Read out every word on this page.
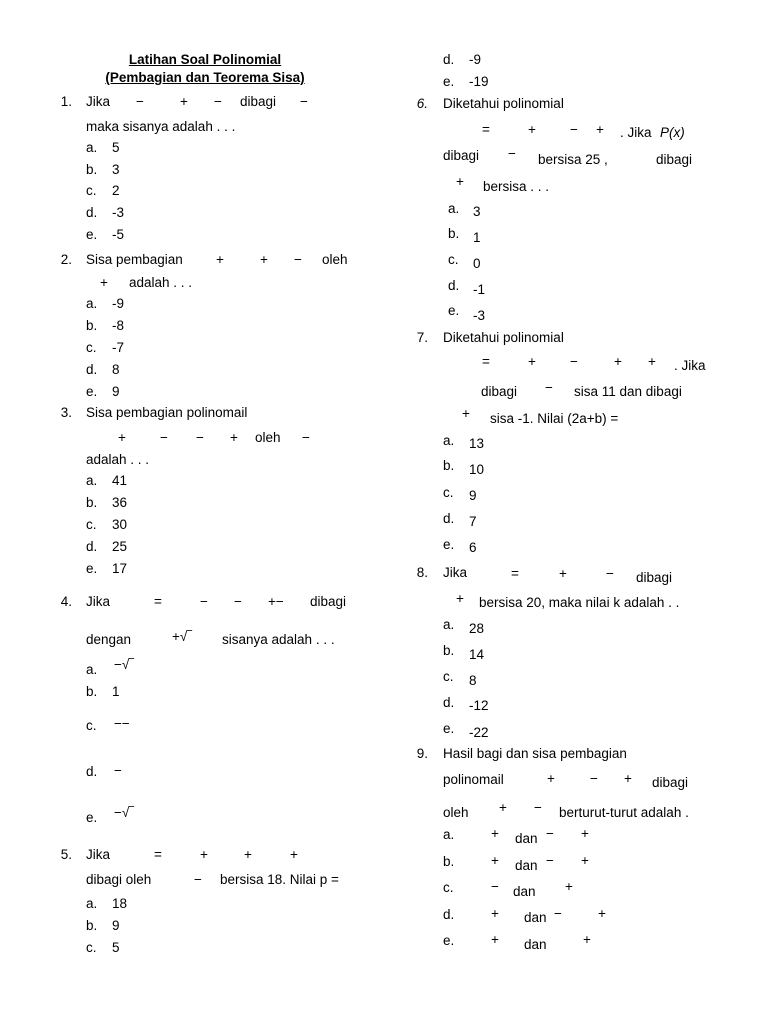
Latihan Soal Polinomial
(Pembagian dan Teorema Sisa)
1. Jika −	+ − dibagi −
maka sisanya adalah . . .
a. 5
b. 3
c. 2
d. -3
e. -5
2. Sisa pembagian +	+ − oleh
+ adalah . . .
a. -9
b. -8
c. -7
d. 8
e. 9
3. Sisa pembagian polinomail
+	− − + oleh −
adalah . . .
a. 41
b. 36
c. 30
d. 25
e. 17
4. Jika	=	− − +− dibagi
dengan	+√‾ sisanya adalah . . .
a. −√‾
b. 1
c. −−
d. −
e. −√‾
5. Jika	=	+	+	+
dibagi oleh	− bersisa 18. Nilai p =
a. 18
b. 9
c. 5
d. -9
e. -19
6. Diketahui polinomial
=	+	− + . Jika P(x)
dibagi − bersisa 25 ,	dibagi
+ bersisa . . .
a. 3
b. 1
c. 0
d. -1
e. -3
7. Diketahui polinomial
=	+	−	+ + . Jika
dibagi − sisa 11 dan dibagi
+ sisa -1. Nilai (2a+b) =
a. 13
b. 10
c. 9
d. 7
e. 6
8. Jika	=	+	− dibagi
+ bersisa 20, maka nilai k adalah . .
a. 28
b. 14
c. 8
d. -12
e. -22
9. Hasil bagi dan sisa pembagian
polinomail	+	− + dibagi
oleh + − berturut-turut adalah .
a.	+ dan − +
b.	+ dan − +
c.	− dan +
d.	+ dan −	+
e.	+ dan	+
